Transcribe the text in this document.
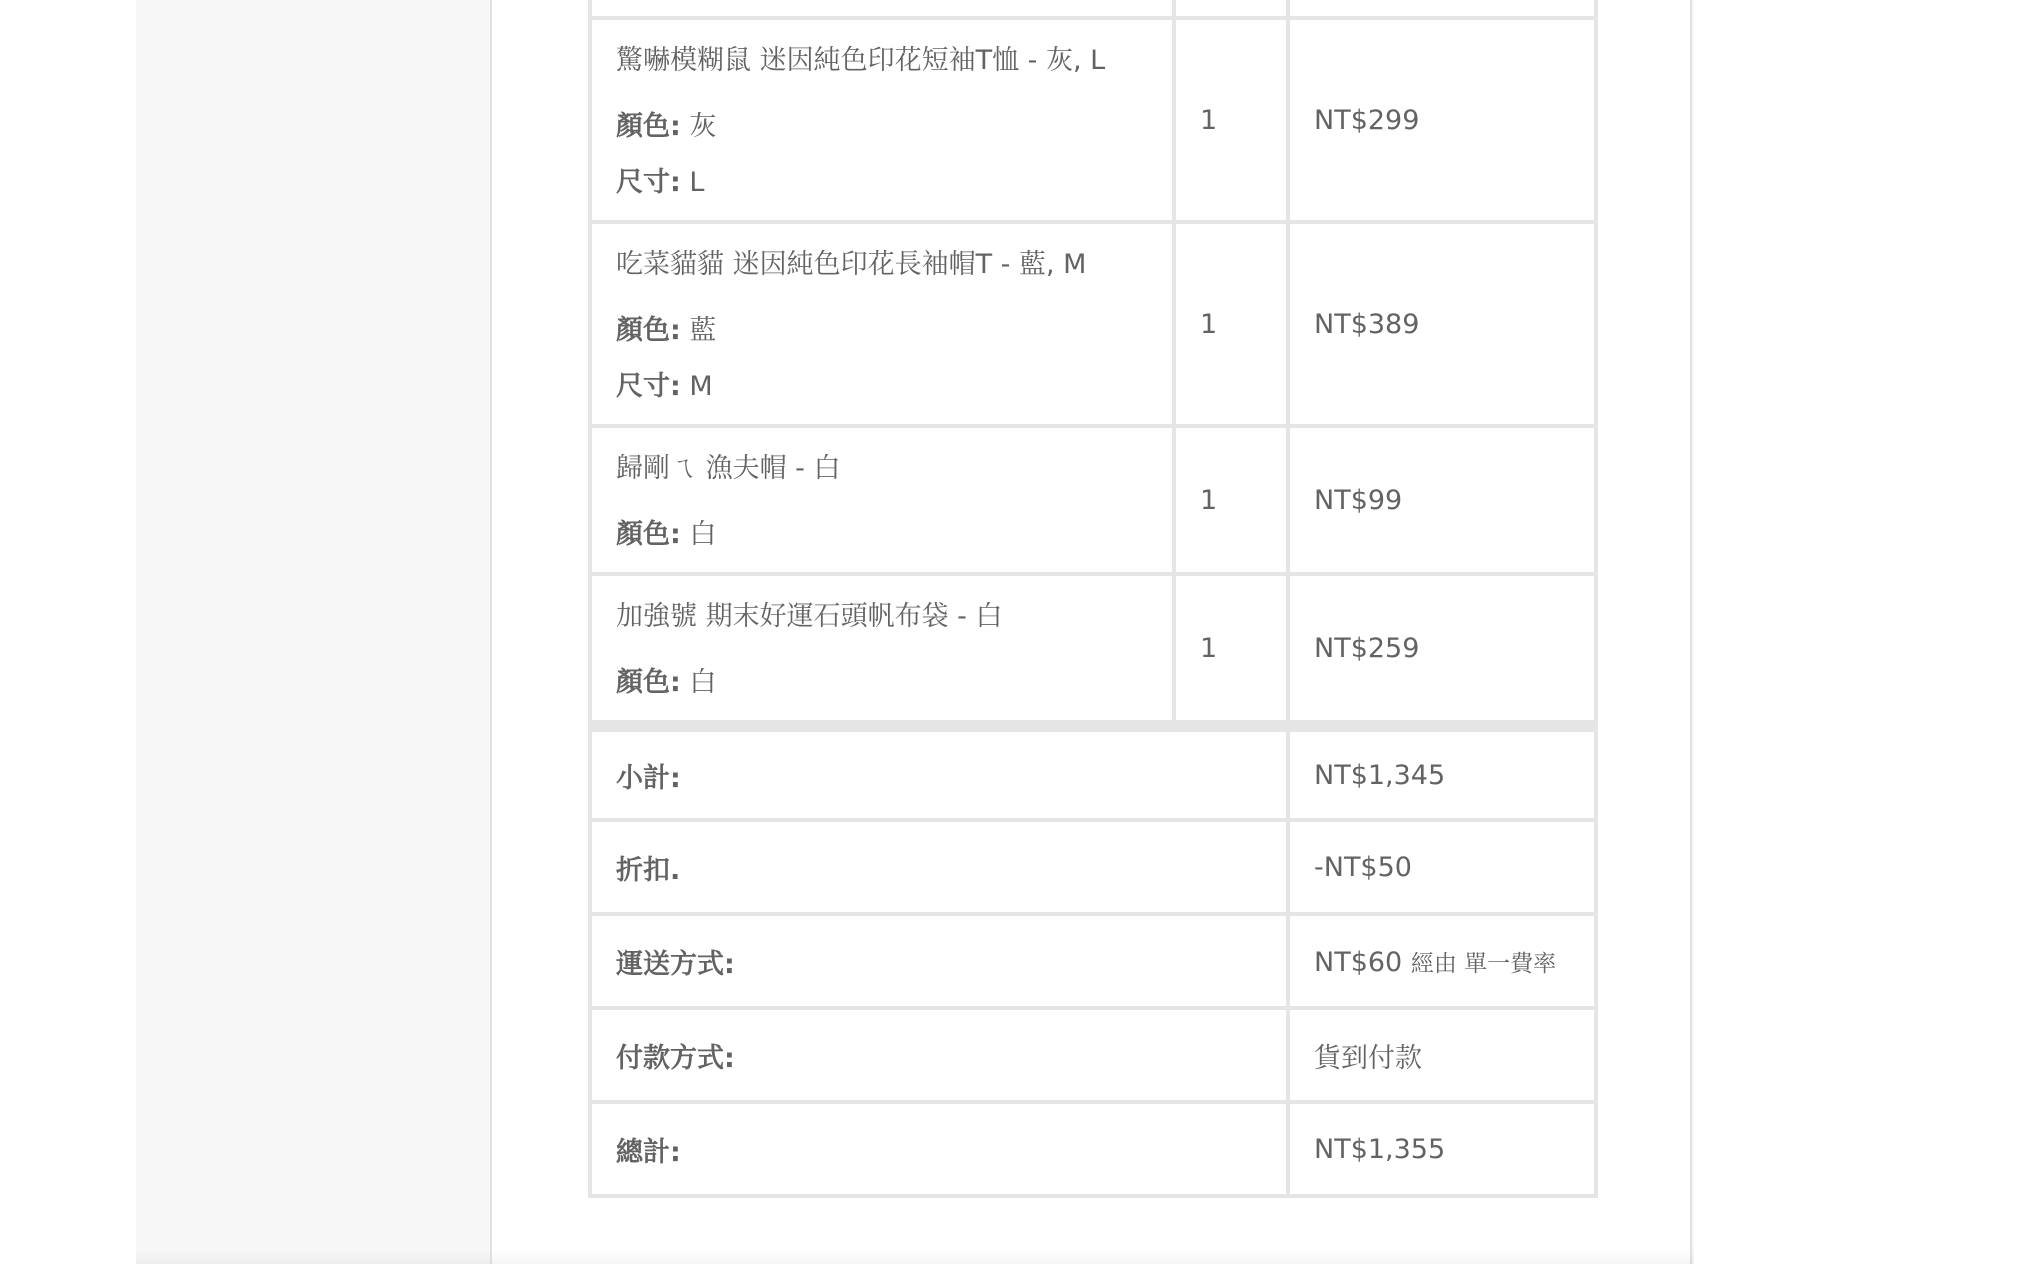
驚嚇模糊鼠 迷因純色印花短袖T恤 - 灰, L

顏色: 灰

尺寸: L	1	NT$299

吃菜貓貓 迷因純色印花長袖帽T - 藍, M

顏色: 藍

尺寸: M	1	NT$389

歸剛ㄟ 漁夫帽 - 白

顏色: 白	1	NT$99

加強號 期末好運石頭帆布袋 - 白

顏色: 白	1	NT$259
小計:		NT$1,345
折扣.		-NT$50
運送方式:		NT$60 經由 單一費率
付款方式:		貨到付款
總計:		NT$1,355
